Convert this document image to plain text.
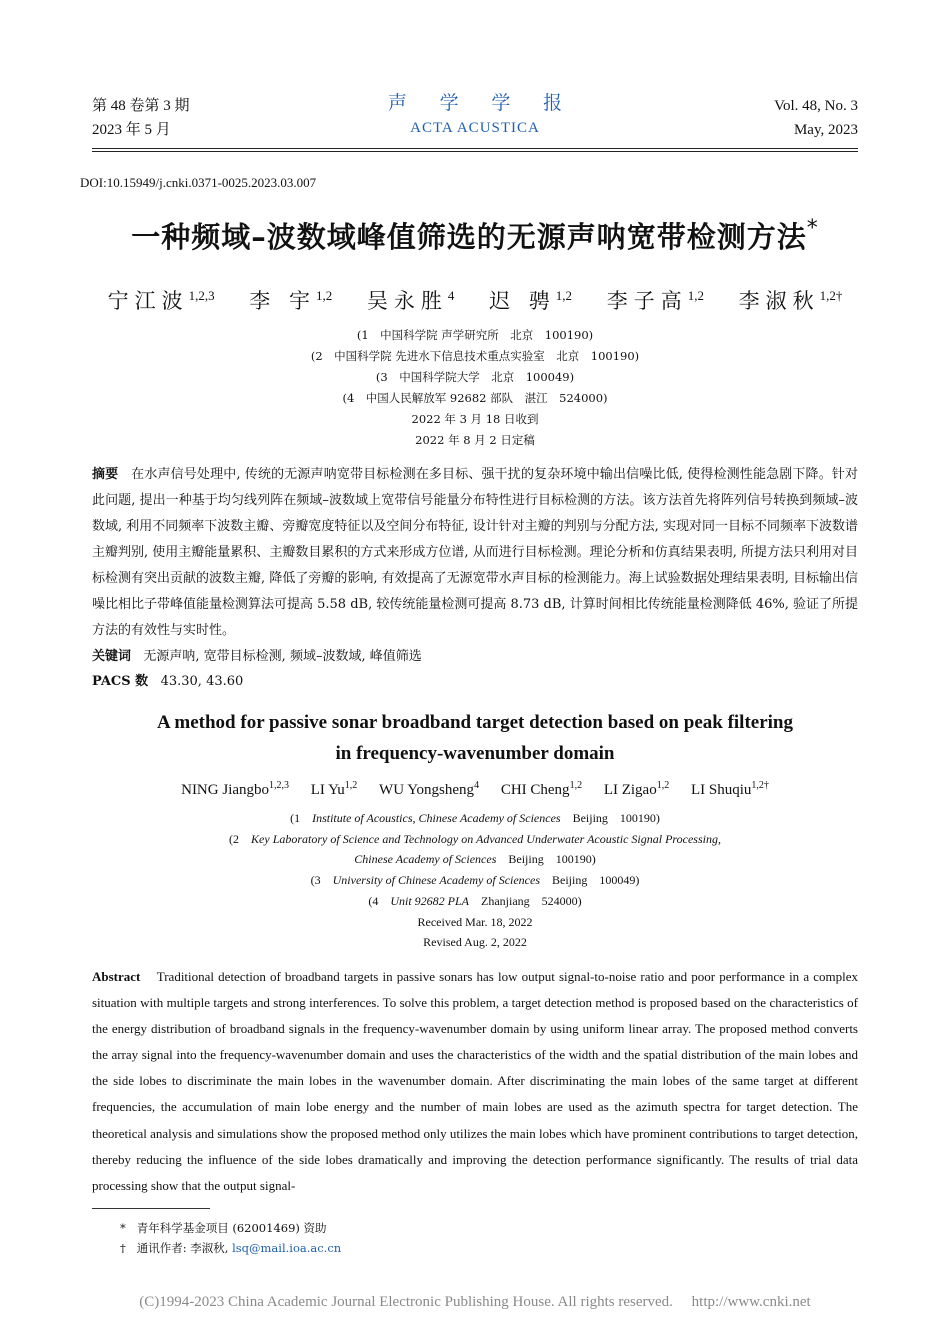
第 48 卷第 3 期
2023 年 5 月
声 学 学 报
ACTA ACUSTICA
Vol. 48, No. 3
May, 2023
DOI:10.15949/j.cnki.0371-0025.2023.03.007
一种频域–波数域峰值筛选的无源声呐宽带检测方法*
宁江波$^{1,2,3}$ 李 宇$^{1,2}$ 吴永胜$^4$ 迟 骋$^{1,2}$ 李子高$^{1,2}$ 李淑秋$^{1,2\dagger}$
(1　中国科学院 声学研究所　北京　100190)
(2　中国科学院 先进水下信息技术重点实验室　北京　100190)
(3　中国科学院大学　北京　100049)
(4　中国人民解放军 92682 部队　湛江　524000)
2022 年 3 月 18 日收到
2022 年 8 月 2 日定稿
摘要 在水声信号处理中, 传统的无源声呐宽带目标检测在多目标、强干扰的复杂环境中输出信噪比低, 使得检测性能急剧下降。针对此问题, 提出一种基于均匀线列阵在频域–波数域上宽带信号能量分布特性进行目标检测的方法。该方法首先将阵列信号转换到频域–波数域, 利用不同频率下波数主瓣、旁瓣宽度特征以及空间分布特征, 设计针对主瓣的判别与分配方法, 实现对同一目标不同频率下波数谱主瓣判别, 使用主瓣能量累积、主瓣数目累积的方式来形成方位谱, 从而进行目标检测。理论分析和仿真结果表明, 所提方法只利用对目标检测有突出贡献的波数主瓣, 降低了旁瓣的影响, 有效提高了无源宽带水声目标的检测能力。海上试验数据处理结果表明, 目标输出信噪比相比子带峰值能量检测算法可提高 5.58 dB, 较传统能量检测可提高 8.73 dB, 计算时间相比传统能量检测降低 46%, 验证了所提方法的有效性与实时性。
关键词 无源声呐, 宽带目标检测, 频域–波数域, 峰值筛选
PACS 数 43.30, 43.60
A method for passive sonar broadband target detection based on peak filtering
in frequency-wavenumber domain
NING Jiangbo$^{1,2,3}$ LI Yu$^{1,2}$ WU Yongsheng$^4$ CHI Cheng$^{1,2}$ LI Zigao$^{1,2}$ LI Shuqiu$^{1,2\dagger}$
(1　Institute of Acoustics, Chinese Academy of Sciences　Beijing　100190)
(2　Key Laboratory of Science and Technology on Advanced Underwater Acoustic Signal Processing,
Chinese Academy of Sciences　Beijing　100190)
(3　University of Chinese Academy of Sciences　Beijing　100049)
(4　Unit 92682 PLA　Zhanjiang　524000)
Received Mar. 18, 2022
Revised Aug. 2, 2022
Abstract Traditional detection of broadband targets in passive sonars has low output signal-to-noise ratio and poor performance in a complex situation with multiple targets and strong interferences. To solve this problem, a target detection method is proposed based on the characteristics of the energy distribution of broadband signals in the frequency-wavenumber domain by using uniform linear array. The proposed method converts the array signal into the frequency-wavenumber domain and uses the characteristics of the width and the spatial distribution of the main lobes and the side lobes to discriminate the main lobes in the wavenumber domain. After discriminating the main lobes of the same target at different frequencies, the accumulation of main lobe energy and the number of main lobes are used as the azimuth spectra for target detection. The theoretical analysis and simulations show the proposed method only utilizes the main lobes which have prominent contributions to target detection, thereby reducing the influence of the side lobes dramatically and improving the detection performance significantly. The results of trial data processing show that the output signal-
* 青年科学基金项目 (62001469) 资助
† 通讯作者: 李淑秋, lsq@mail.ioa.ac.cn
(C)1994-2023 China Academic Journal Electronic Publishing House. All rights reserved.　 http://www.cnki.net
